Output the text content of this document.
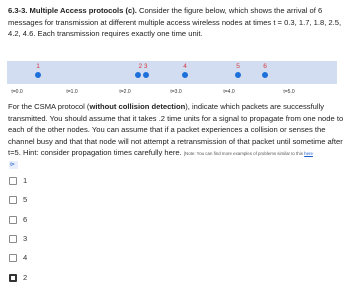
6.3-3. Multiple Access protocols (c). Consider the figure below, which shows the arrival of 6 messages for transmission at different multiple access wireless nodes at times t = 0.3, 1.7, 1.8, 2.5, 4.2, 4.6. Each transmission requires exactly one time unit.
1	2 3	4	5	6
t=0.0	t=1.0	t=2.0	t=3.0	t=4.0	t=5.0
For the CSMA protocol (without collision detection), indicate which packets are successfully transmitted. You should assume that it takes .2 time units for a signal to propagate from one node to each of the other nodes. You can assume that if a packet experiences a collision or senses the channel busy and that that node will not attempt a retransmission of that packet until sometime after t=5. Hint: consider propagation times carefully here. [Note: You can find more examples of problems similar to this here
⊳
1
5
6
3
4
2
